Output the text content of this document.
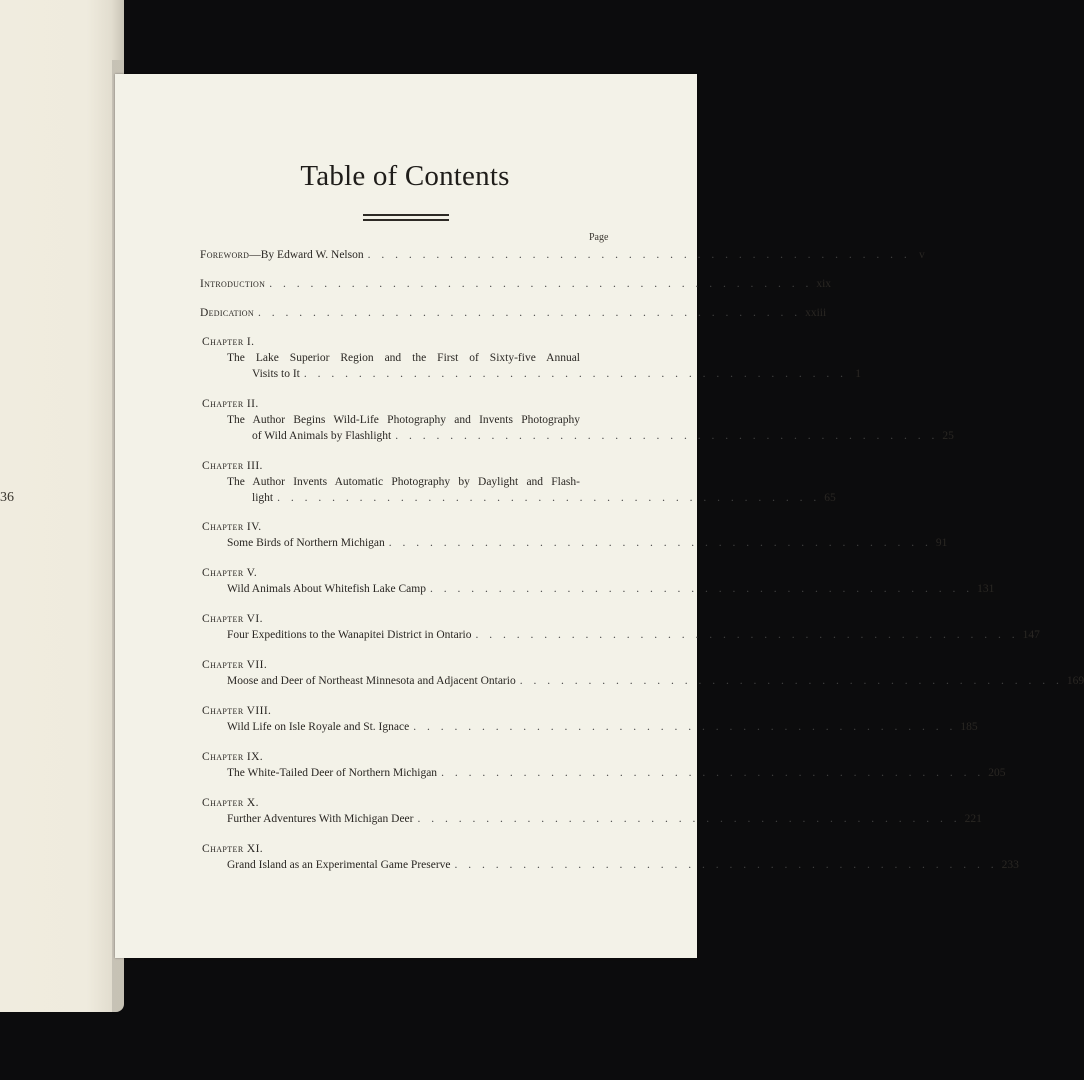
36
Table of Contents
Page
Foreword —By Edward W. Nelson . . . . . . . . . . . . . . . . . . . . . . . . . . . . . . . . . . . . . . . . v
Introduction . . . . . . . . . . . . . . . . . . . . . . . . . . . . . . . . . . . . . . . . xix
Dedication . . . . . . . . . . . . . . . . . . . . . . . . . . . . . . . . . . . . . . . . xxiii
Chapter I.
The Lake Superior Region and the First of Sixty-five Annual
Visits to It . . . . . . . . . . . . . . . . . . . . . . . . . . . . . . . . . . . . . . . . 1
Chapter II.
The Author Begins Wild-Life Photography and Invents Photography
of Wild Animals by Flashlight . . . . . . . . . . . . . . . . . . . . . . . . . . . . . . . . . . . . . . . . 25
Chapter III.
The Author Invents Automatic Photography by Daylight and Flash-
light . . . . . . . . . . . . . . . . . . . . . . . . . . . . . . . . . . . . . . . . 65
Chapter IV.
Some Birds of Northern Michigan . . . . . . . . . . . . . . . . . . . . . . . . . . . . . . . . . . . . . . . . 91
Chapter V.
Wild Animals About Whitefish Lake Camp . . . . . . . . . . . . . . . . . . . . . . . . . . . . . . . . . . . . . . . . 131
Chapter VI.
Four Expeditions to the Wanapitei District in Ontario . . . . . . . . . . . . . . . . . . . . . . . . . . . . . . . . . . . . . . . . 147
Chapter VII.
Moose and Deer of Northeast Minnesota and Adjacent Ontario . . . . . . . . . . . . . . . . . . . . . . . . . . . . . . . . . . . . . . . . 169
Chapter VIII.
Wild Life on Isle Royale and St. Ignace . . . . . . . . . . . . . . . . . . . . . . . . . . . . . . . . . . . . . . . . 185
Chapter IX.
The White-Tailed Deer of Northern Michigan . . . . . . . . . . . . . . . . . . . . . . . . . . . . . . . . . . . . . . . . 205
Chapter X.
Further Adventures With Michigan Deer . . . . . . . . . . . . . . . . . . . . . . . . . . . . . . . . . . . . . . . . 221
Chapter XI.
Grand Island as an Experimental Game Preserve . . . . . . . . . . . . . . . . . . . . . . . . . . . . . . . . . . . . . . . . 233
